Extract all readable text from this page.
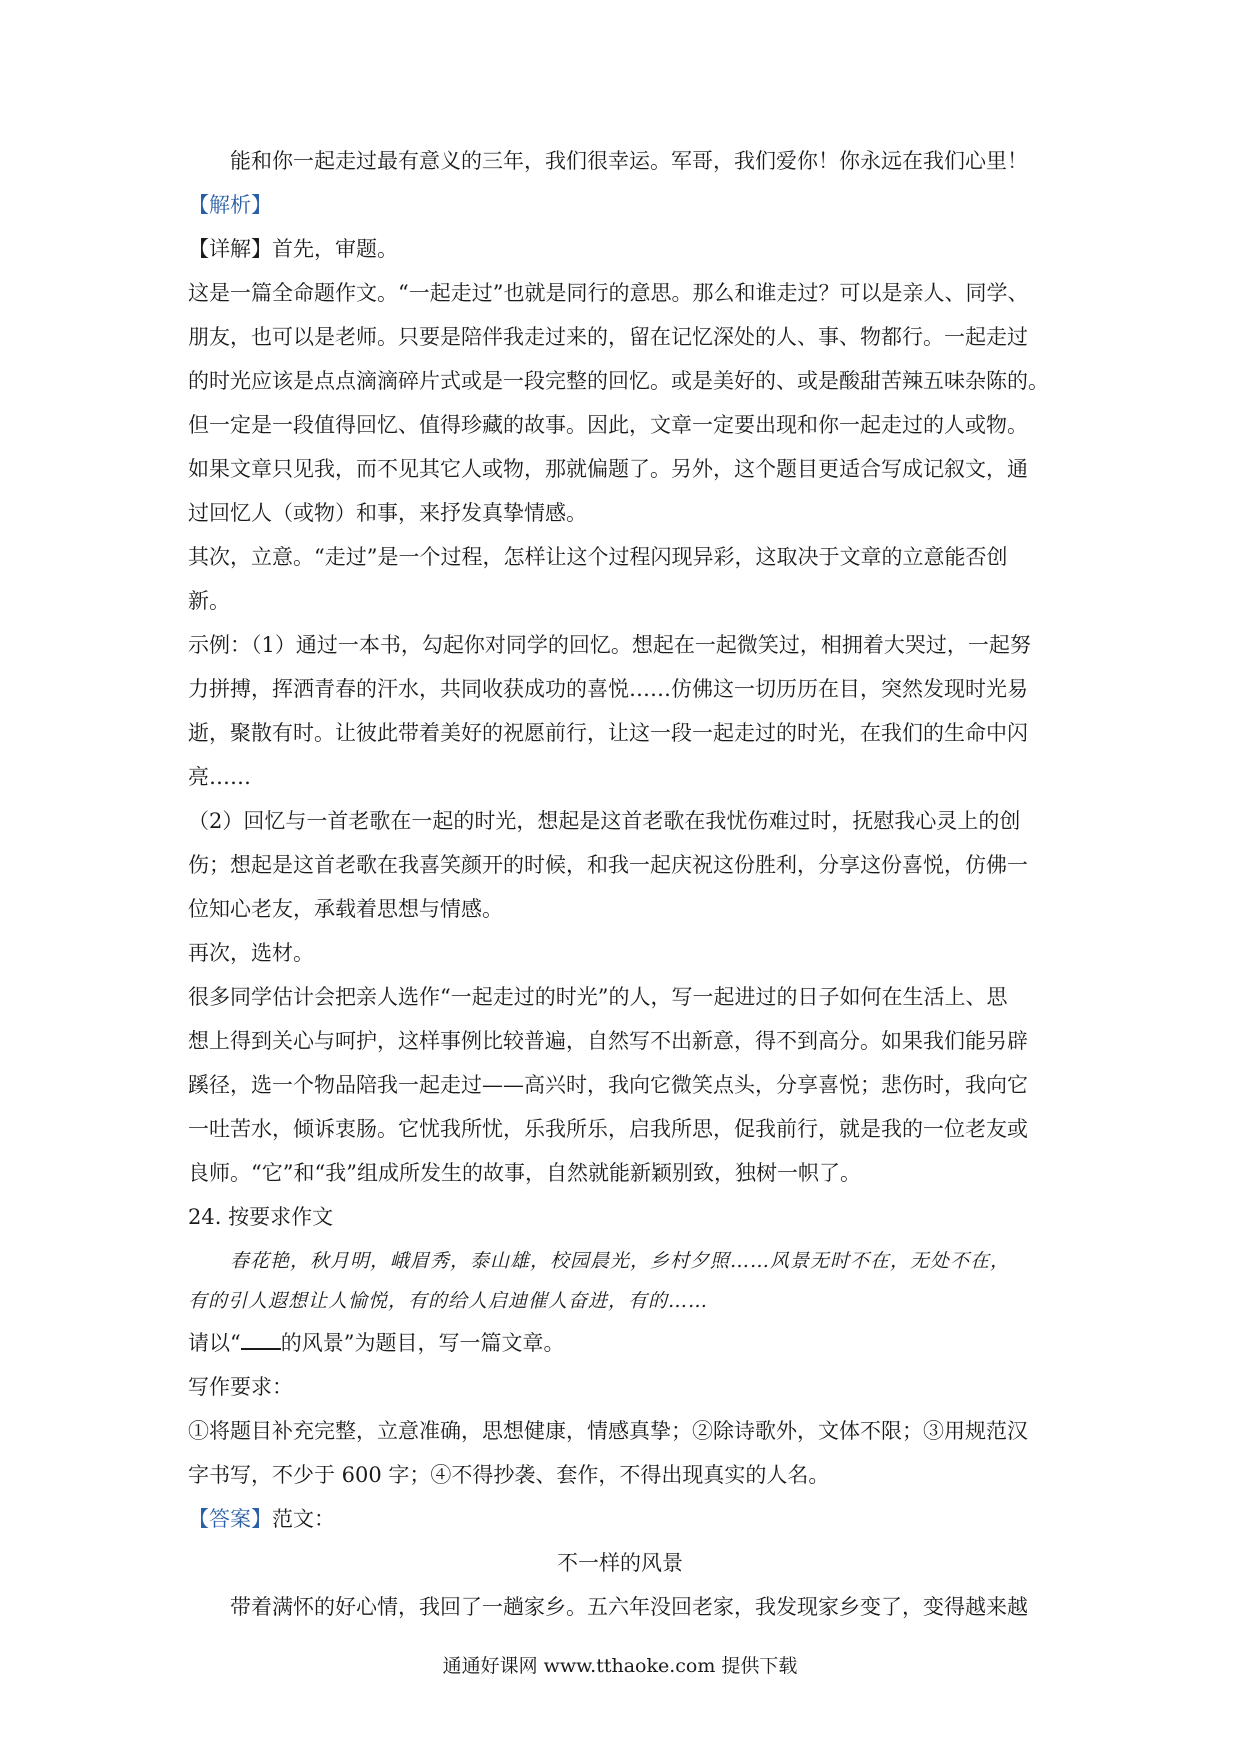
能和你一起走过最有意义的三年，我们很幸运。军哥，我们爱你！你永远在我们心里！
【解析】
【详解】首先，审题。
这是一篇全命题作文。“一起走过”也就是同行的意思。那么和谁走过？可以是亲人、同学、
朋友，也可以是老师。只要是陪伴我走过来的，留在记忆深处的人、事、物都行。一起走过
的时光应该是点点滴滴碎片式或是一段完整的回忆。或是美好的、或是酸甜苦辣五味杂陈的。
但一定是一段值得回忆、值得珍藏的故事。因此，文章一定要出现和你一起走过的人或物。
如果文章只见我，而不见其它人或物，那就偏题了。另外，这个题目更适合写成记叙文，通
过回忆人（或物）和事，来抒发真挚情感。
其次，立意。“走过”是一个过程，怎样让这个过程闪现异彩，这取决于文章的立意能否创
新。
示例：（1）通过一本书，勾起你对同学的回忆。想起在一起微笑过，相拥着大哭过，一起努
力拼搏，挥洒青春的汗水，共同收获成功的喜悦……仿佛这一切历历在目，突然发现时光易
逝，聚散有时。让彼此带着美好的祝愿前行，让这一段一起走过的时光，在我们的生命中闪
亮……
（2）回忆与一首老歌在一起的时光，想起是这首老歌在我忧伤难过时，抚慰我心灵上的创
伤；想起是这首老歌在我喜笑颜开的时候，和我一起庆祝这份胜利，分享这份喜悦，仿佛一
位知心老友，承载着思想与情感。
再次，选材。
很多同学估计会把亲人选作“一起走过的时光”的人，写一起进过的日子如何在生活上、思
想上得到关心与呵护，这样事例比较普遍，自然写不出新意，得不到高分。如果我们能另辟
蹊径，选一个物品陪我一起走过——高兴时，我向它微笑点头，分享喜悦；悲伤时，我向它
一吐苦水，倾诉衷肠。它忧我所忧，乐我所乐，启我所思，促我前行，就是我的一位老友或
良师。“它”和“我”组成所发生的故事，自然就能新颖别致，独树一帜了。
24. 按要求作文
春花艳，秋月明，峨眉秀，泰山雄，校园晨光，乡村夕照……风景无时不在，无处不在，
有的引人遐想让人愉悦，有的给人启迪催人奋进，有的……
请以“ 的风景”为题目，写一篇文章。
写作要求：
①将题目补充完整，立意准确，思想健康，情感真挚；②除诗歌外，文体不限；③用规范汉
字书写，不少于 600 字；④不得抄袭、套作，不得出现真实的人名。
【答案】范文：
不一样的风景
带着满怀的好心情，我回了一趟家乡。五六年没回老家，我发现家乡变了，变得越来越
通通好课网 www.tthaoke.com 提供下载
